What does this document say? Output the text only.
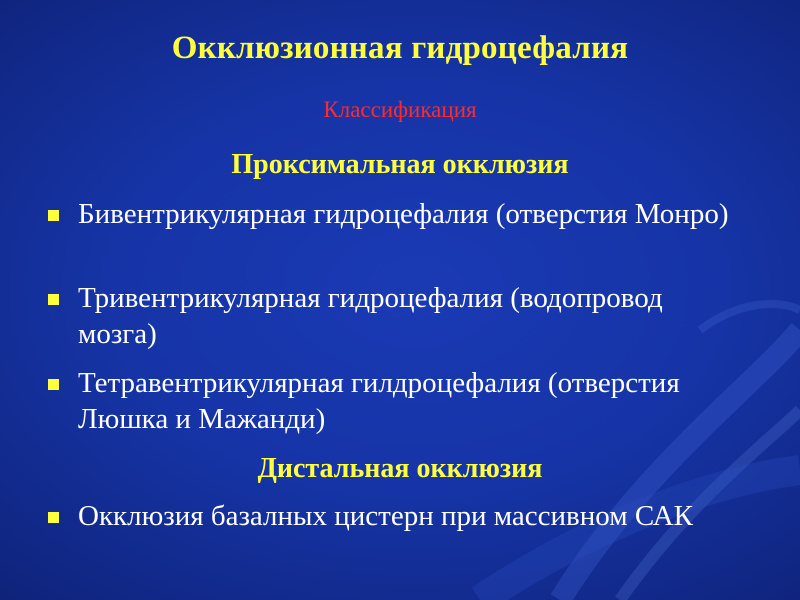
Окклюзионная гидроцефалия
Классификация
Проксимальная окклюзия
Бивентрикулярная гидроцефалия (отверстия Монро)
Тривентрикулярная гидроцефалия (водопровод мозга)
Тетравентрикулярная гилдроцефалия (отверстия Люшка и Мажанди)
Дистальная окклюзия
Окклюзия базалных цистерн при массивном САК
